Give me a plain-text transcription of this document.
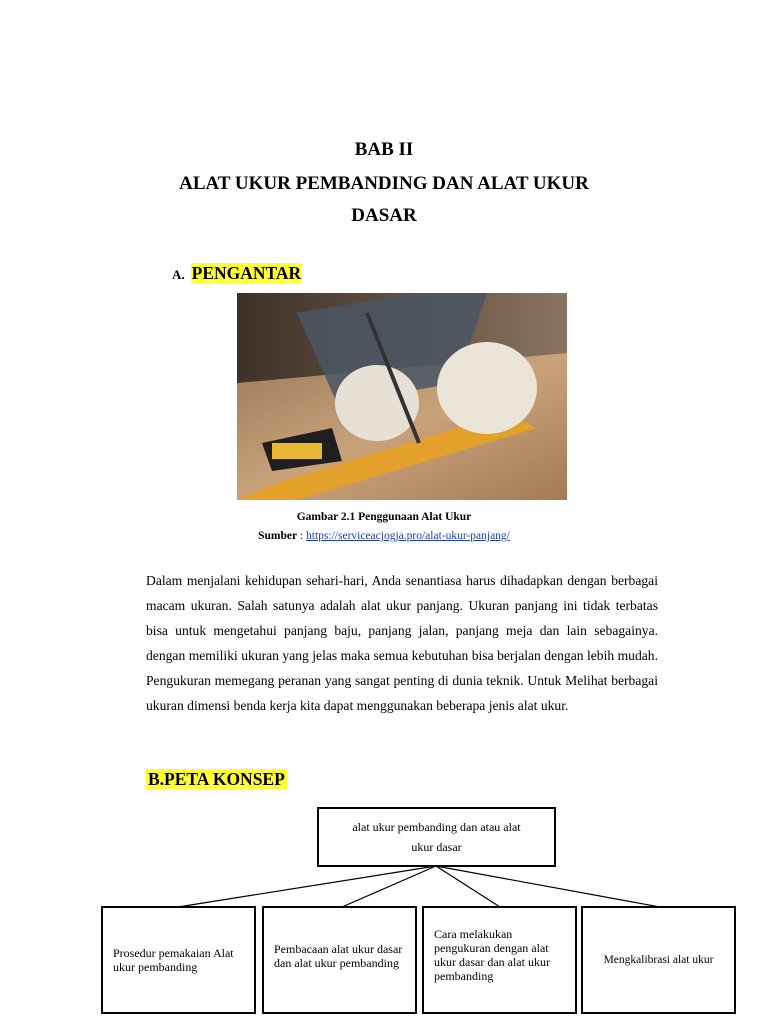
BAB II
ALAT UKUR PEMBANDING DAN ALAT UKUR
DASAR
A. PENGANTAR
Gambar 2.1 Penggunaan Alat Ukur
Sumber : https://serviceacjogja.pro/alat-ukur-panjang/

Dalam menjalani kehidupan sehari-hari, Anda senantiasa harus dihadapkan dengan berbagai macam ukuran. Salah satunya adalah alat ukur panjang. Ukuran panjang ini tidak terbatas bisa untuk mengetahui panjang baju, panjang jalan, panjang meja dan lain sebagainya. dengan memiliki ukuran yang jelas maka semua kebutuhan bisa berjalan dengan lebih mudah. Pengukuran memegang peranan yang sangat penting di dunia teknik. Untuk Melihat berbagai ukuran dimensi benda kerja kita dapat menggunakan beberapa jenis alat ukur.

B.PETA KONSEP
alat ukur pembanding dan atau alat
ukur dasar
Prosedur pemakaian Alat ukur pembanding
Pembacaan alat ukur dasar dan alat ukur pembanding
Cara melakukan pengukuran dengan alat ukur dasar dan alat ukur pembanding
Mengkalibrasi alat ukur
